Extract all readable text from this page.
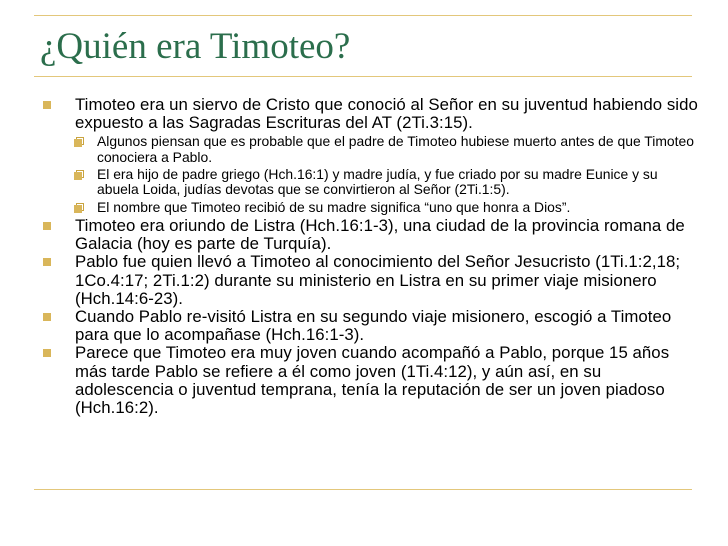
¿Quién era Timoteo?
Timoteo era un siervo de Cristo que conoció al Señor en su juventud habiendo sido expuesto a las Sagradas Escrituras del AT (2Ti.3:15).
Algunos piensan que es probable que el padre de Timoteo hubiese muerto antes de que Timoteo conociera a Pablo.
El era hijo de padre griego (Hch.16:1) y madre judía, y fue criado por su madre Eunice y su abuela Loida, judías devotas que se convirtieron al Señor (2Ti.1:5).
El nombre que Timoteo recibió de su madre significa “uno que honra a Dios”.
Timoteo era oriundo de Listra (Hch.16:1-3), una ciudad de la provincia romana de Galacia (hoy es parte de Turquía).
Pablo fue quien llevó a Timoteo al conocimiento del Señor Jesucristo (1Ti.1:2,18; 1Co.4:17; 2Ti.1:2) durante su ministerio en Listra en su primer viaje misionero (Hch.14:6-23).
Cuando Pablo re-visitó Listra en su segundo viaje misionero, escogió a Timoteo para que lo acompañase (Hch.16:1-3).
Parece que Timoteo era muy joven cuando acompañó a Pablo, porque 15 años más tarde Pablo se refiere a él como joven (1Ti.4:12), y aún así, en su adolescencia o juventud temprana, tenía la reputación de ser un joven piadoso (Hch.16:2).
